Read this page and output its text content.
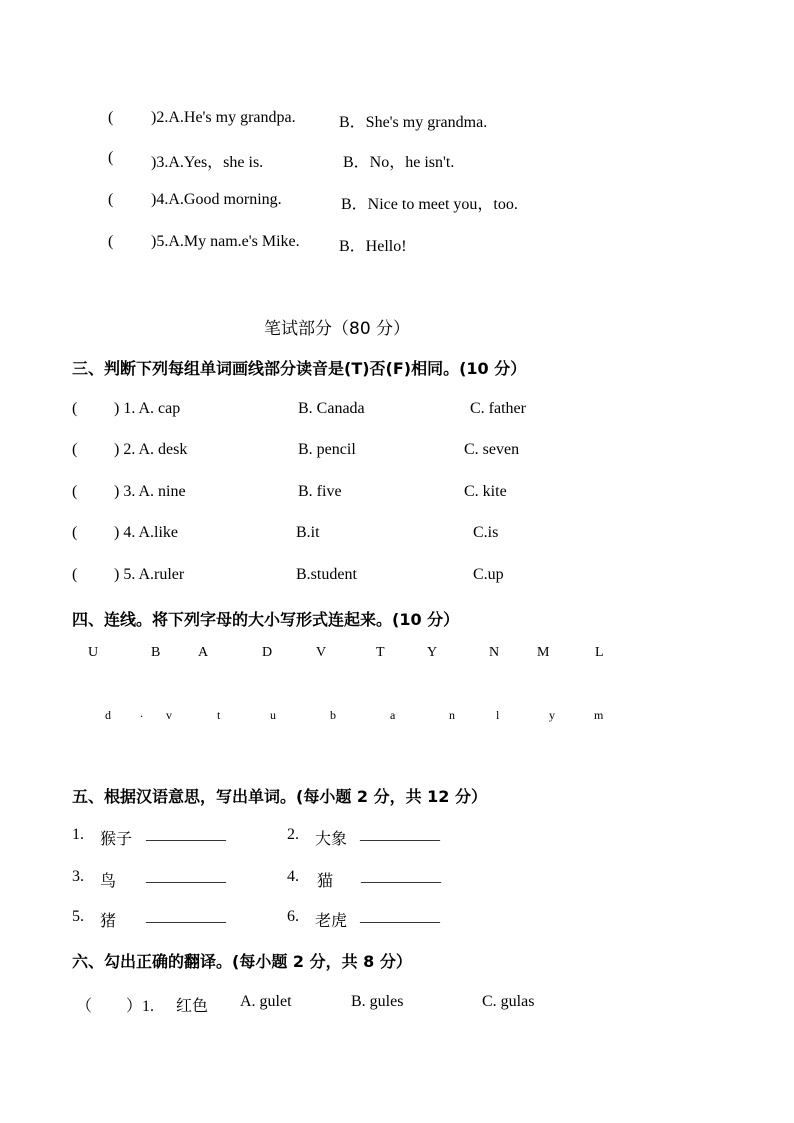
( )2.A.He's my grandpa.	B．She's my grandma.
( )3.A.Yes，she is.	B．No，he isn't.
( )4.A.Good morning.	B．Nice to meet you，too.
( )5.A.My nam.e's Mike. B．Hello!
笔试部分（80 分）
三、判断下列每组单词画线部分读音是(T)否(F)相同。(10 分）
( ) 1. A. cap	B. Canada	C. father
( ) 2. A. desk	B. pencil	C. seven
( ) 3. A. nine	B. five	C. kite
( ) 4. A.like	B.it	C.is
( ) 5. A.ruler	B.student	C.up
四、连线。将下列字母的大小写形式连起来。(10 分）
U	B	A	D	V	T	Y	N	M	L
d . v	t	u	b	a	n	l	y	m
五、根据汉语意思，写出单词。(每小题 2 分，共 12 分）
1. 猴子 __________	2. 大象 __________
3. 鸟 __________	4. 猫 __________
5. 猪 __________	6. 老虎 __________
六、勾出正确的翻译。(每小题 2 分，共 8 分）
（ ）1. 红色 A. gulet	B. gules	C. gulas
